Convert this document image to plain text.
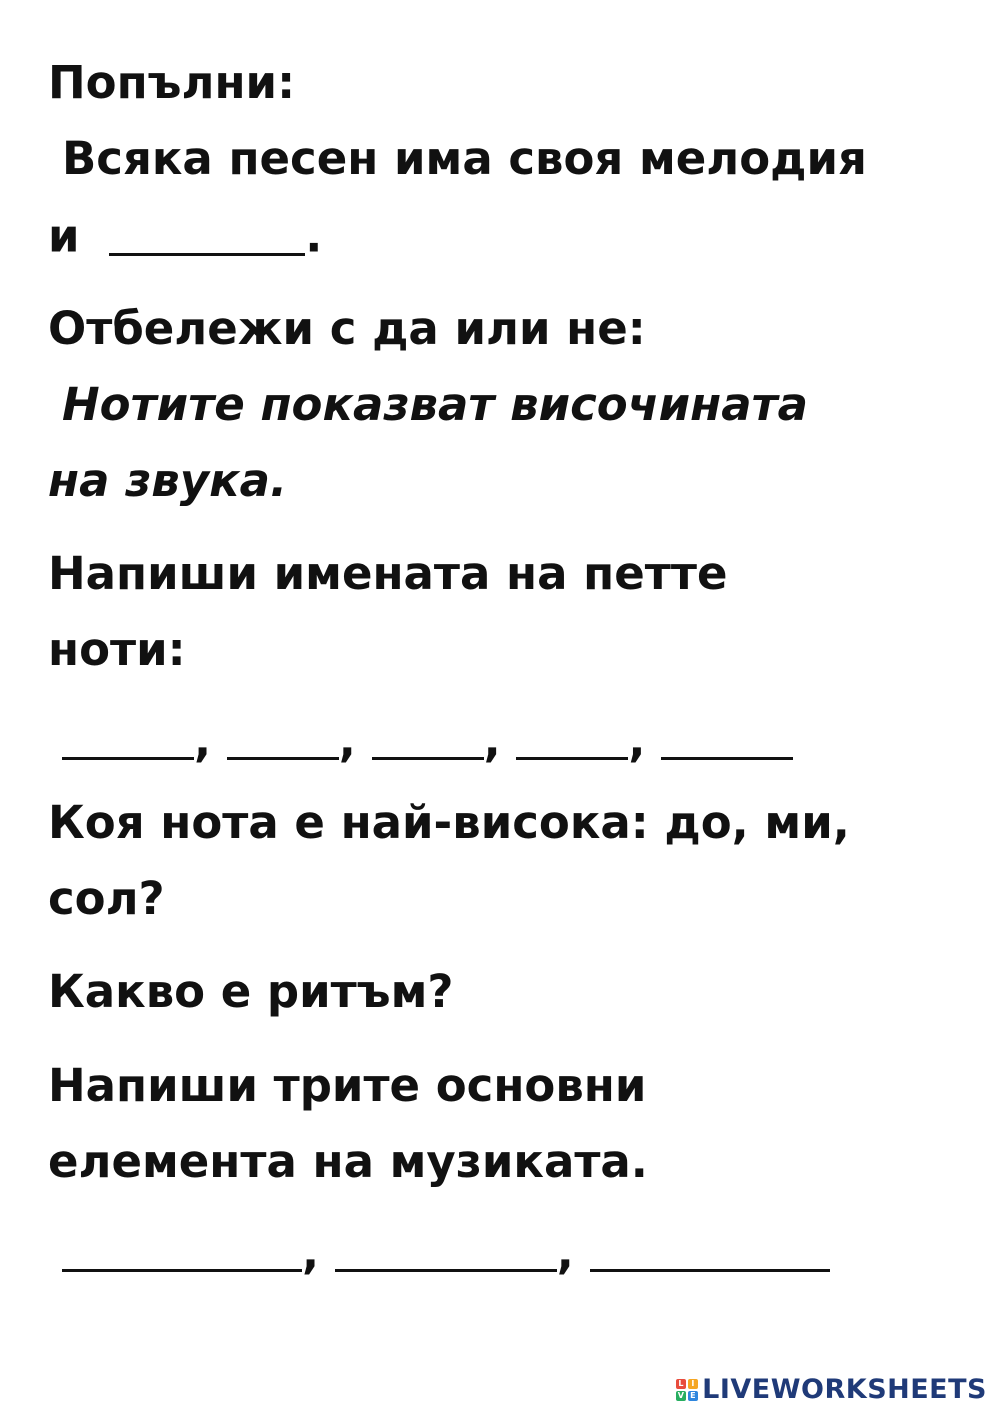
Попълни:
Всяка песен има своя мелодия
и	.
Отбележи с да или не:
Нотите показват височината
на звука.
Напиши имената на петте
ноти:
,	,	,	,
Коя нота е най-висока: до, ми,
сол?
Какво е ритъм?
Напиши трите основни
елемента на музиката.
,	,
L I
V E LIVEWORKSHEETS
